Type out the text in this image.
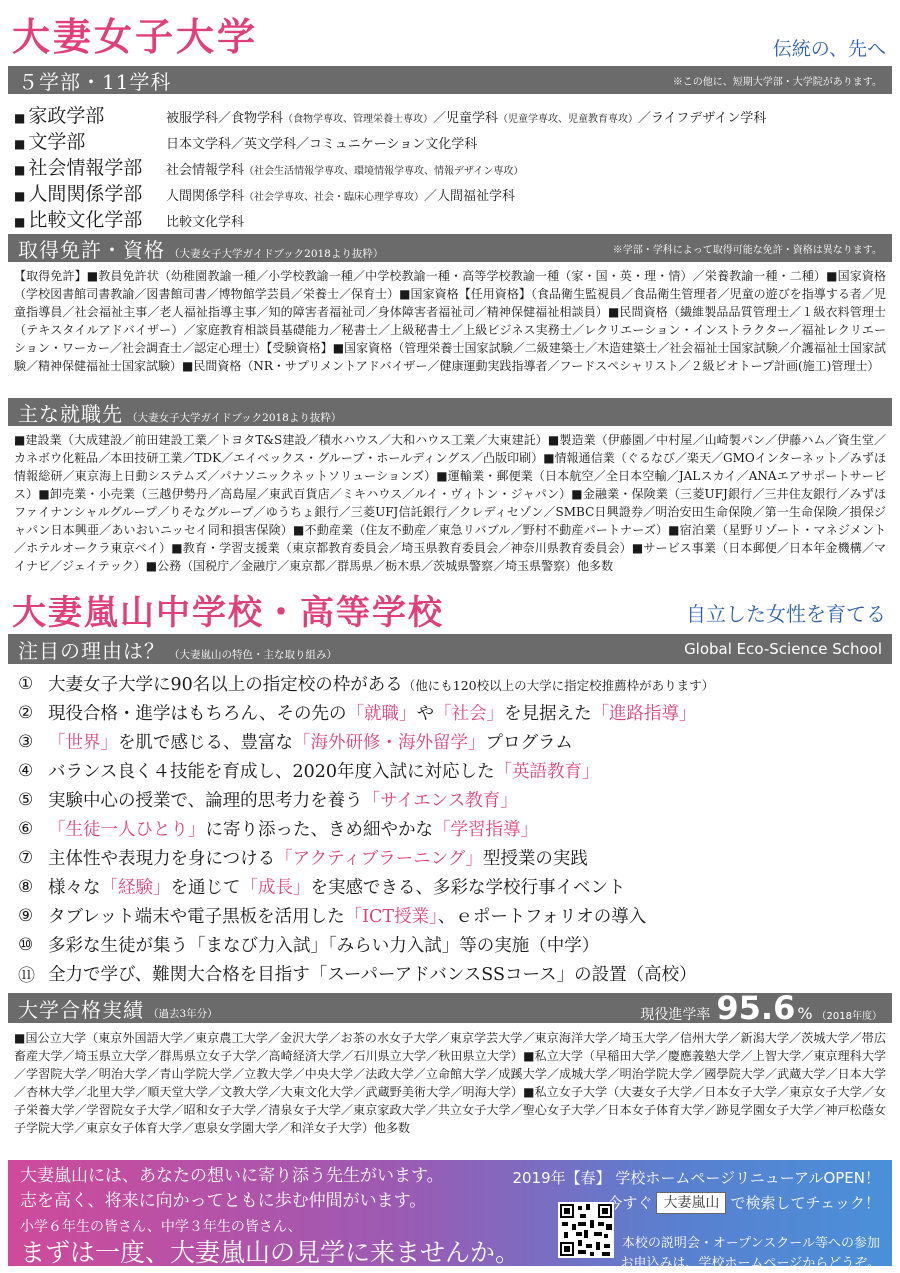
大妻女子大学	伝統の、先へ
５学部・11学科	※この他に、短期大学部・大学院があります。
■ 家政学部	被服学科／食物学科（食物学専攻、管理栄養士専攻）／児童学科（児童学専攻、児童教育専攻）／ライフデザイン学科
■ 文学部	日本文学科／英文学科／コミュニケーション文化学科
■ 社会情報学部 社会情報学科（社会生活情報学専攻、環境情報学専攻、情報デザイン専攻）
■ 人間関係学部 人間関係学科（社会学専攻、社会・臨床心理学専攻）／人間福祉学科
■ 比較文化学部 比較文化学科
取得免許・資格 （大妻女子大学ガイドブック2018より抜粋）	※学部・学科によって取得可能な免許・資格は異なります。
【取得免許】■教員免許状（幼稚園教諭一種／小学校教諭一種／中学校教諭一種・高等学校教諭一種（家・国・英・理・情）／栄養教諭一種・二種）■国家資格（学校図書館司書教諭／図書館司書／博物館学芸員／栄養士／保育士）■国家資格【任用資格】（食品衛生監視員／食品衛生管理者／児童の遊びを指導する者／児童指導員／社会福祉主事／老人福祉指導主事／知的障害者福祉司／身体障害者福祉司／精神保健福祉相談員）■民間資格（繊維製品品質管理士／１級衣料管理士（テキスタイルアドバイザー）／家庭教育相談員基礎能力／秘書士／上級秘書士／上級ビジネス実務士／レクリエーション・インストラクター／福祉レクリエーション・ワーカー／社会調査士／認定心理士）【受験資格】■国家資格（管理栄養士国家試験／二級建築士／木造建築士／社会福祉士国家試験／介護福祉士国家試験／精神保健福祉士国家試験）■民間資格（NR・サプリメントアドバイザー／健康運動実践指導者／フードスペシャリスト／２級ビオトープ計画(施工)管理士）
主な就職先 （大妻女子大学ガイドブック2018より抜粋）
■建設業（大成建設／前田建設工業／トヨタT&S建設／積水ハウス／大和ハウス工業／大東建託）■製造業（伊藤園／中村屋／山崎製パン／伊藤ハム／資生堂／カネボウ化粧品／本田技研工業／TDK／エイベックス・グループ・ホールディングス／凸版印刷）■情報通信業（ぐるなび／楽天／GMOインターネット／みずほ情報総研／東京海上日動システムズ／パナソニックネットソリューションズ）■運輸業・郵便業（日本航空／全日本空輸／JALスカイ／ANAエアサポートサービス）■卸売業・小売業（三越伊勢丹／高島屋／東武百貨店／ミキハウス／ルイ・ヴィトン・ジャパン）■金融業・保険業（三菱UFJ銀行／三井住友銀行／みずほファイナンシャルグループ／りそなグループ／ゆうちょ銀行／三菱UFJ信託銀行／クレディセゾン／SMBC日興證券／明治安田生命保険／第一生命保険／損保ジャパン日本興亜／あいおいニッセイ同和損害保険）■不動産業（住友不動産／東急リバブル／野村不動産パートナーズ）■宿泊業（星野リゾート・マネジメント／ホテルオークラ東京ベイ）■教育・学習支援業（東京都教育委員会／埼玉県教育委員会／神奈川県教育委員会）■サービス事業（日本郵便／日本年金機構／マイナビ／ジェイテック）■公務（国税庁／金融庁／東京都／群馬県／栃木県／茨城県警察／埼玉県警察）他多数
大妻嵐山中学校・高等学校	自立した女性を育てる
注目の理由は？ （大妻嵐山の特色・主な取り組み）	Global Eco-Science School
① 大妻女子大学に90名以上の指定校の枠がある（他にも120校以上の大学に指定校推薦枠があります）
② 現役合格・進学はもちろん、その先の「就職」や「社会」を見据えた「進路指導」
③ 「世界」を肌で感じる、豊富な「海外研修・海外留学」プログラム
④ バランス良く４技能を育成し、2020年度入試に対応した「英語教育」
⑤ 実験中心の授業で、論理的思考力を養う「サイエンス教育」
⑥ 「生徒一人ひとり」に寄り添った、きめ細やかな「学習指導」
⑦ 主体性や表現力を身につける「アクティブラーニング」型授業の実践
⑧ 様々な「経験」を通じて「成長」を実感できる、多彩な学校行事イベント
⑨ タブレット端末や電子黒板を活用した「ICT授業」、ｅポートフォリオの導入
⑩ 多彩な生徒が集う「まなび力入試」「みらい力入試」等の実施（中学）
⑪ 全力で学び、難関大合格を目指す「スーパーアドバンスSSコース」の設置（高校）
大学合格実績 （過去3年分）	現役進学率 95.6 % （2018年度）
■国公立大学（東京外国語大学／東京農工大学／金沢大学／お茶の水女子大学／東京学芸大学／東京海洋大学／埼玉大学／信州大学／新潟大学／茨城大学／帯広畜産大学／埼玉県立大学／群馬県立女子大学／高崎経済大学／石川県立大学／秋田県立大学）■私立大学（早稲田大学／慶應義塾大学／上智大学／東京理科大学／学習院大学／明治大学／青山学院大学／立教大学／中央大学／法政大学／立命館大学／成蹊大学／成城大学／明治学院大学／國學院大学／武蔵大学／日本大学／杏林大学／北里大学／順天堂大学／文教大学／大東文化大学／武蔵野美術大学／明海大学）■私立女子大学（大妻女子大学／日本女子大学／東京女子大学／女子栄養大学／学習院女子大学／昭和女子大学／清泉女子大学／東京家政大学／共立女子大学／聖心女子大学／日本女子体育大学／跡見学園女子大学／神戸松蔭女子学院大学／東京女子体育大学／恵泉女学園大学／和洋女子大学）他多数
大妻嵐山には、あなたの想いに寄り添う先生がいます。
志を高く、将来に向かってともに歩む仲間がいます。
小学６年生の皆さん、中学３年生の皆さん、
まずは一度、大妻嵐山の見学に来ませんか。
2019年【春】 学校ホームページリニューアルOPEN！
今すぐ 大妻嵐山 で検索してチェック！
本校の説明会・オープンスクール等への参加
お申込みは、学校ホームページからどうぞ。
